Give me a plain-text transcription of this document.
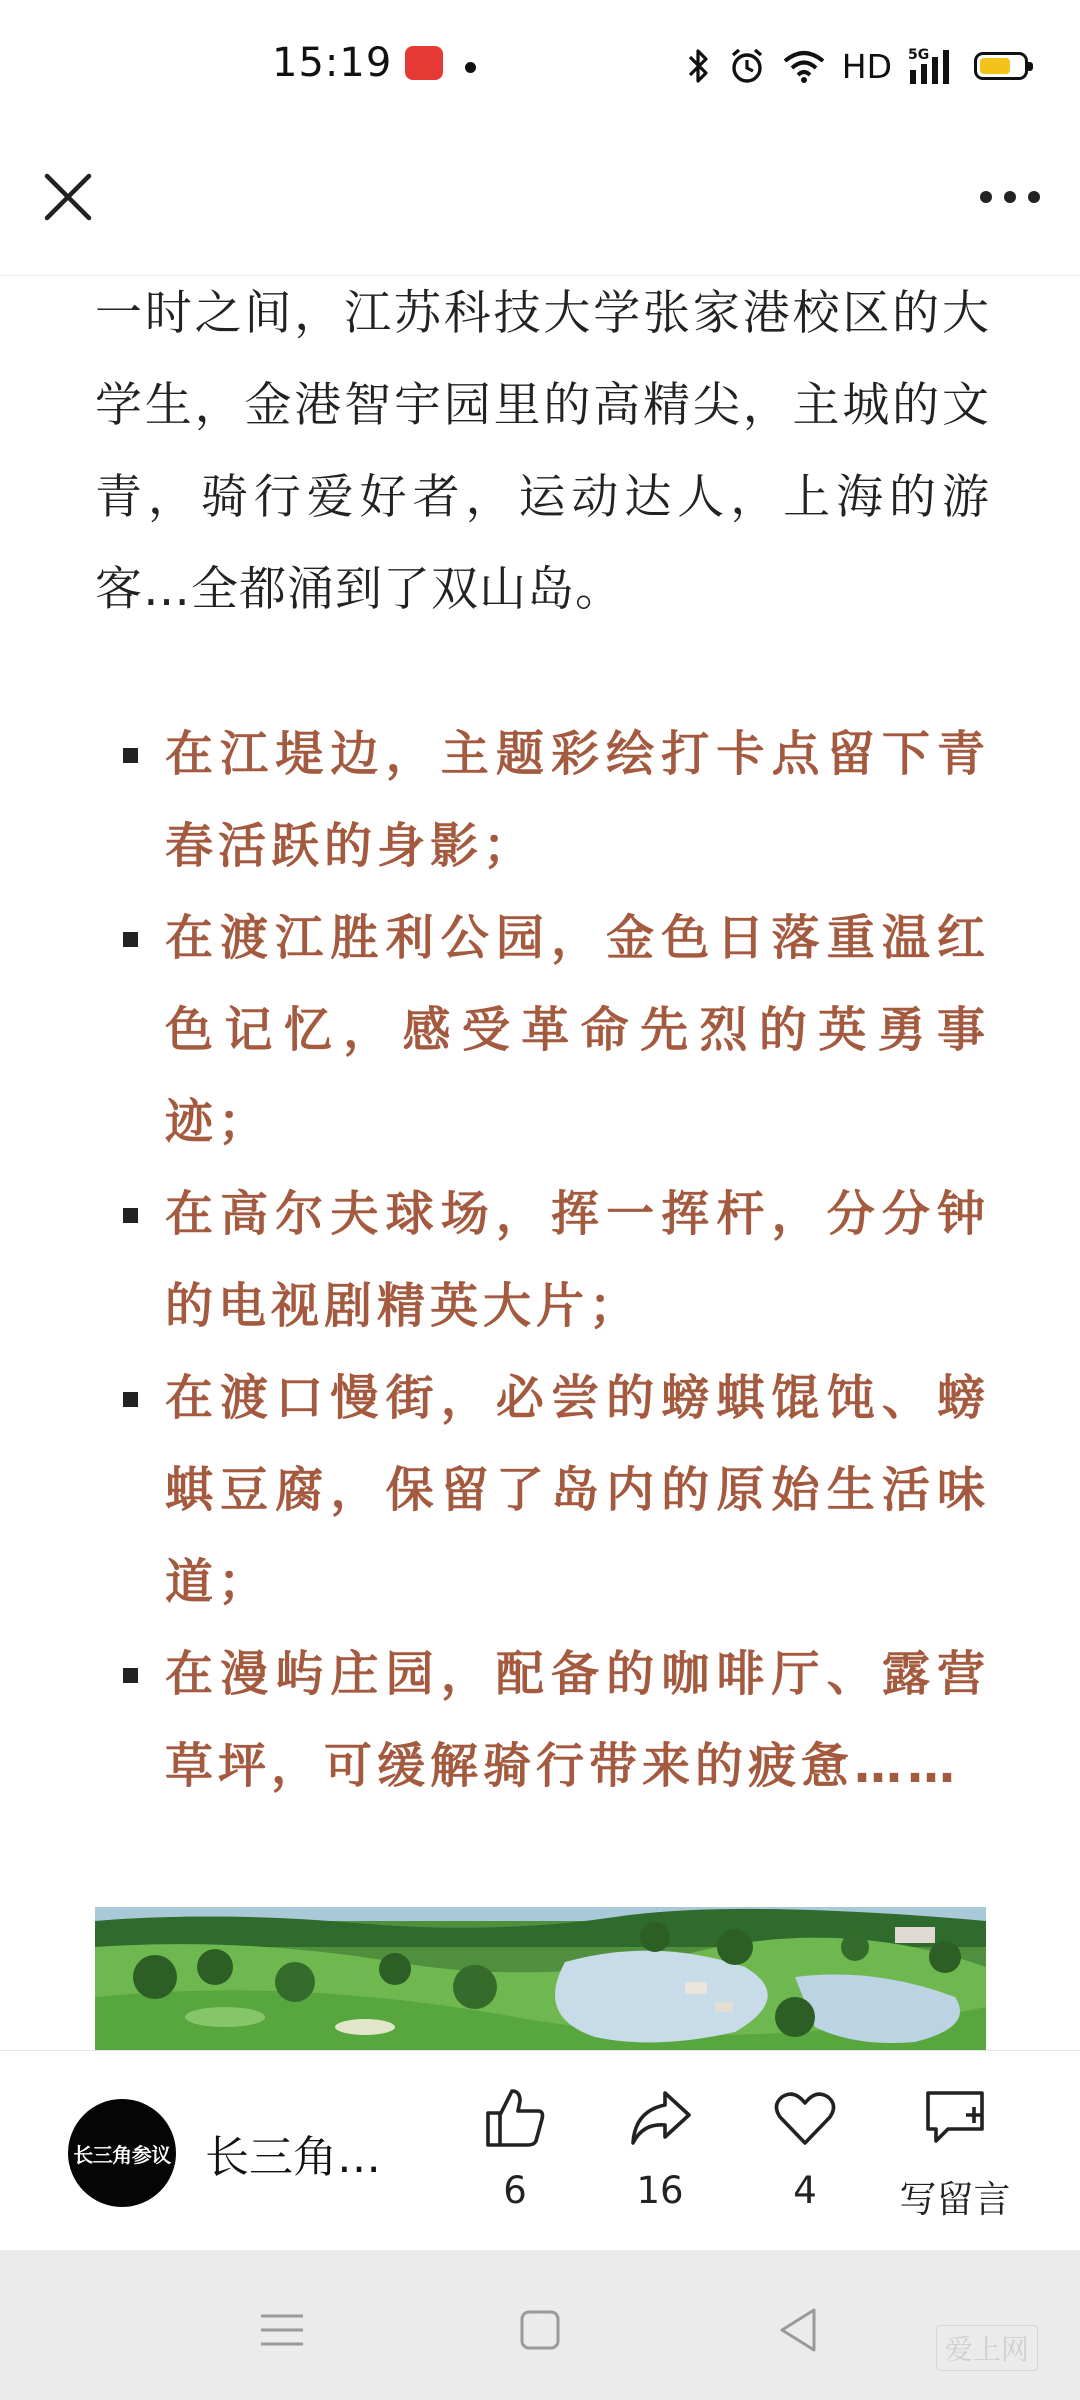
15:19	HD 5G

一时之间，江苏科技大学张家港校区的大学生，金港智宇园里的高精尖，主城的文青，骑行爱好者，运动达人，上海的游客…全都涌到了双山岛。

在江堤边，主题彩绘打卡点留下青春活跃的身影；
在渡江胜利公园，金色日落重温红色记忆，感受革命先烈的英勇事迹；
在高尔夫球场，挥一挥杆，分分钟的电视剧精英大片；
在渡口慢街，必尝的螃蜞馄饨、螃蜞豆腐，保留了岛内的原始生活味道；
在漫屿庄园，配备的咖啡厅、露营草坪，可缓解骑行带来的疲惫……
长三角参议 长三角…
6	16	4	写留言
爱上网
